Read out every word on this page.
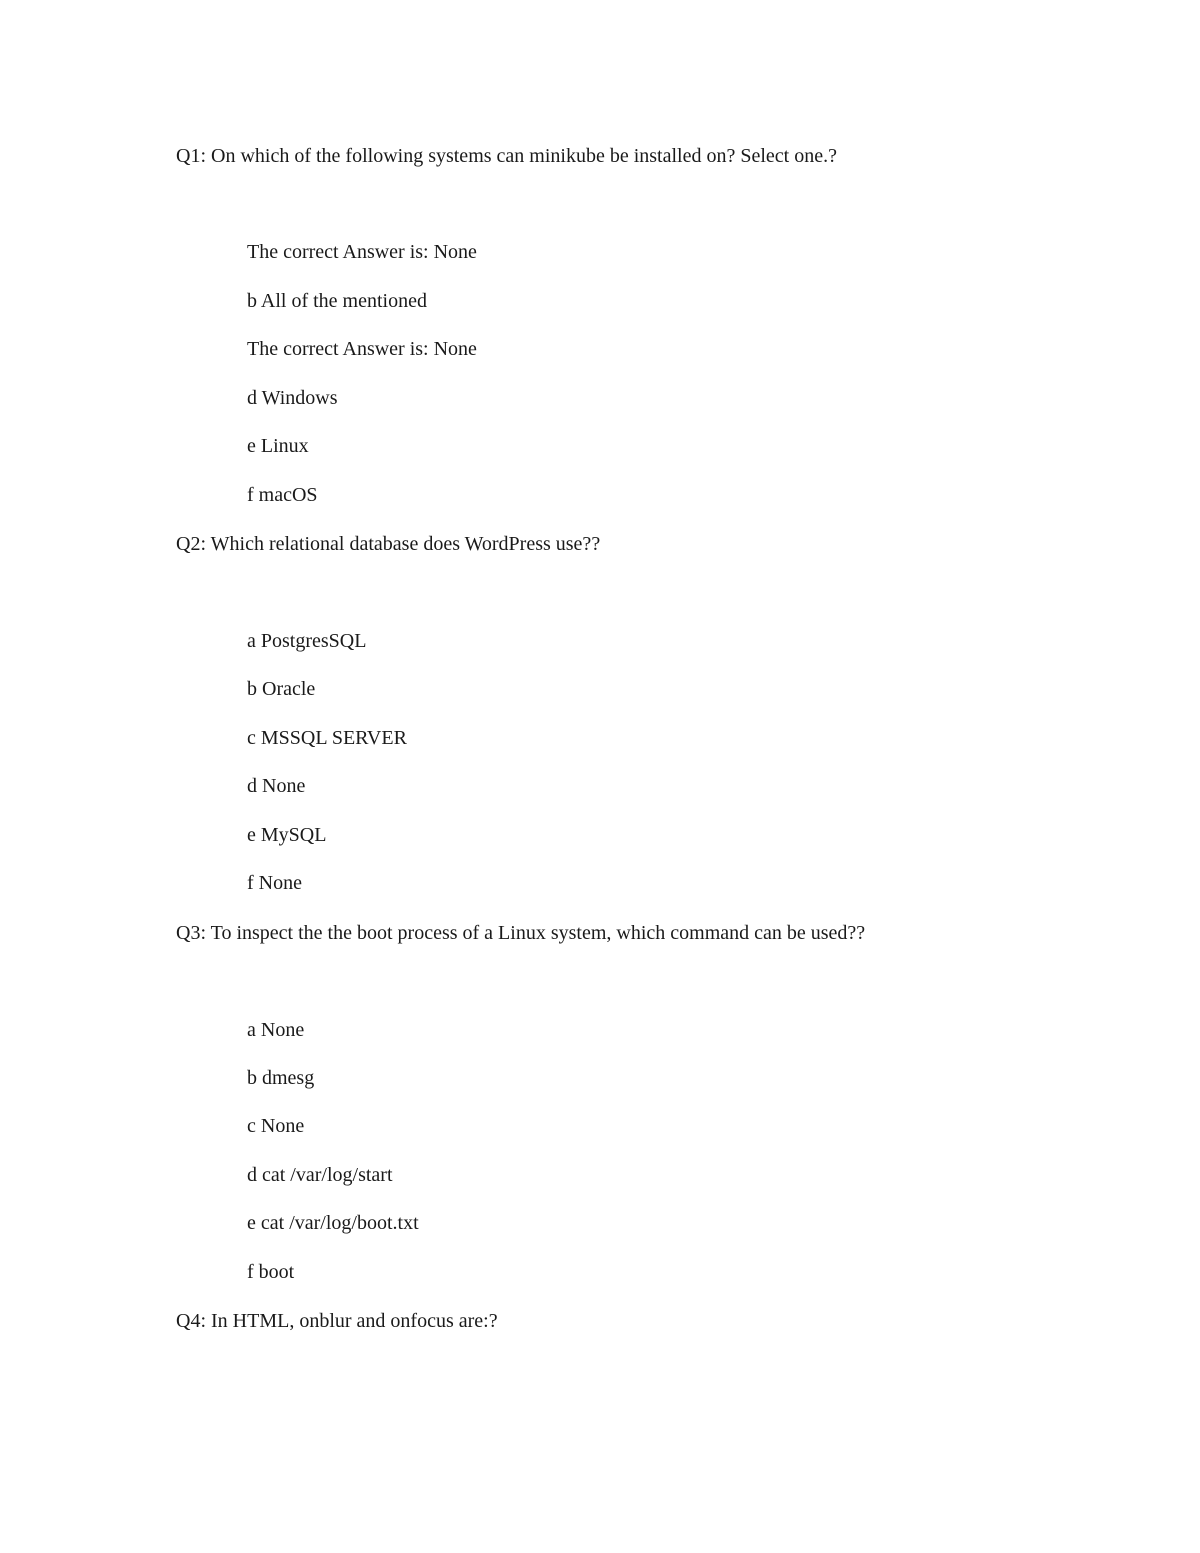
Q1: On which of the following systems can minikube be installed on? Select one.?
The correct Answer is: None
b All of the mentioned
The correct Answer is: None
d Windows
e Linux
f macOS
Q2: Which relational database does WordPress use??
a PostgresSQL
b Oracle
c MSSQL SERVER
d None
e MySQL
f None
Q3: To inspect the the boot process of a Linux system, which command can be used??
a None
b dmesg
c None
d cat /var/log/start
e cat /var/log/boot.txt
f boot
Q4: In HTML, onblur and onfocus are:?
